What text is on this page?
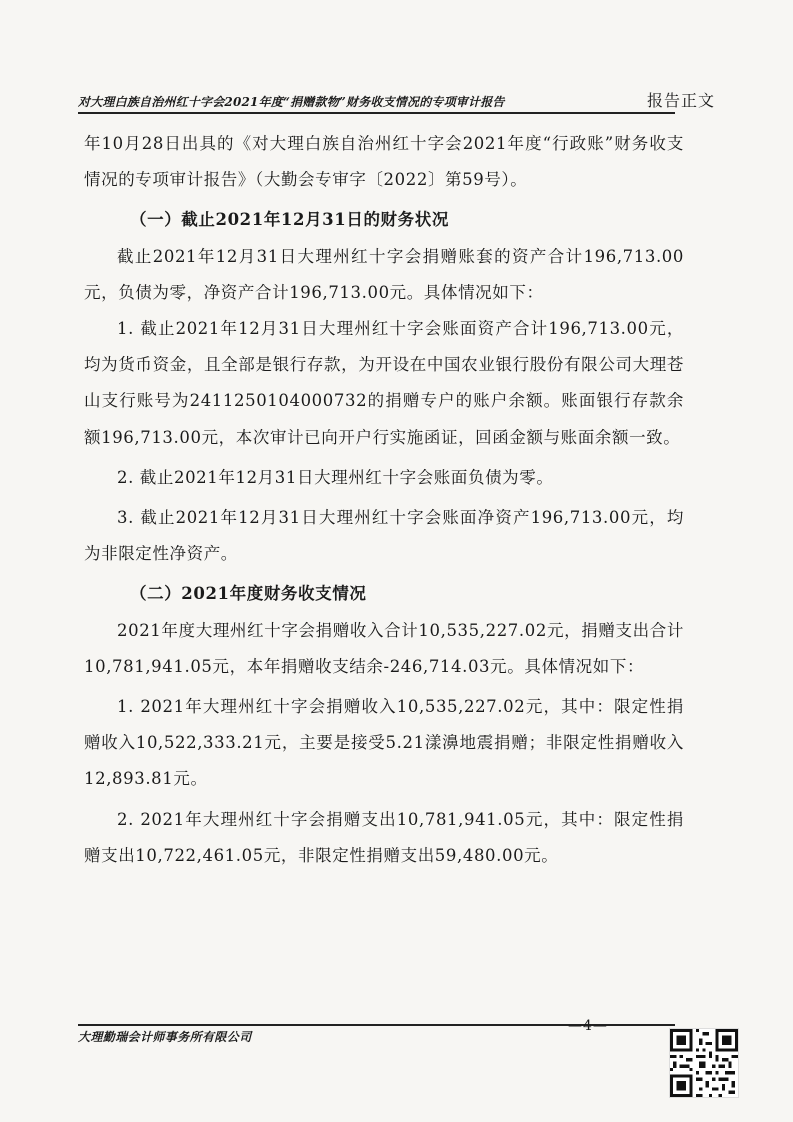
对大理白族自治州红十字会2021年度“捐赠款物”财务收支情况的专项审计报告	报告正文

年10月28日出具的《对大理白族自治州红十字会2021年度“行政账”财务收支情况的专项审计报告》（大勤会专审字〔2022〕第59号）。

（一）截止2021年12月31日的财务状况

截止2021年12月31日大理州红十字会捐赠账套的资产合计196,713.00元，负债为零，净资产合计196,713.00元。具体情况如下：

1. 截止2021年12月31日大理州红十字会账面资产合计196,713.00元，均为货币资金，且全部是银行存款，为开设在中国农业银行股份有限公司大理苍山支行账号为2411250104000732的捐赠专户的账户余额。账面银行存款余额196,713.00元，本次审计已向开户行实施函证，回函金额与账面余额一致。

2. 截止2021年12月31日大理州红十字会账面负债为零。

3. 截止2021年12月31日大理州红十字会账面净资产196,713.00元，均为非限定性净资产。

（二）2021年度财务收支情况

2021年度大理州红十字会捐赠收入合计10,535,227.02元，捐赠支出合计10,781,941.05元，本年捐赠收支结余-246,714.03元。具体情况如下：

1. 2021年大理州红十字会捐赠收入10,535,227.02元，其中：限定性捐赠收入10,522,333.21元，主要是接受5.21漾濞地震捐赠；非限定性捐赠收入12,893.81元。

2. 2021年大理州红十字会捐赠支出10,781,941.05元，其中：限定性捐赠支出10,722,461.05元，非限定性捐赠支出59,480.00元。

大理勤瑞会计师事务所有限公司
—4—
